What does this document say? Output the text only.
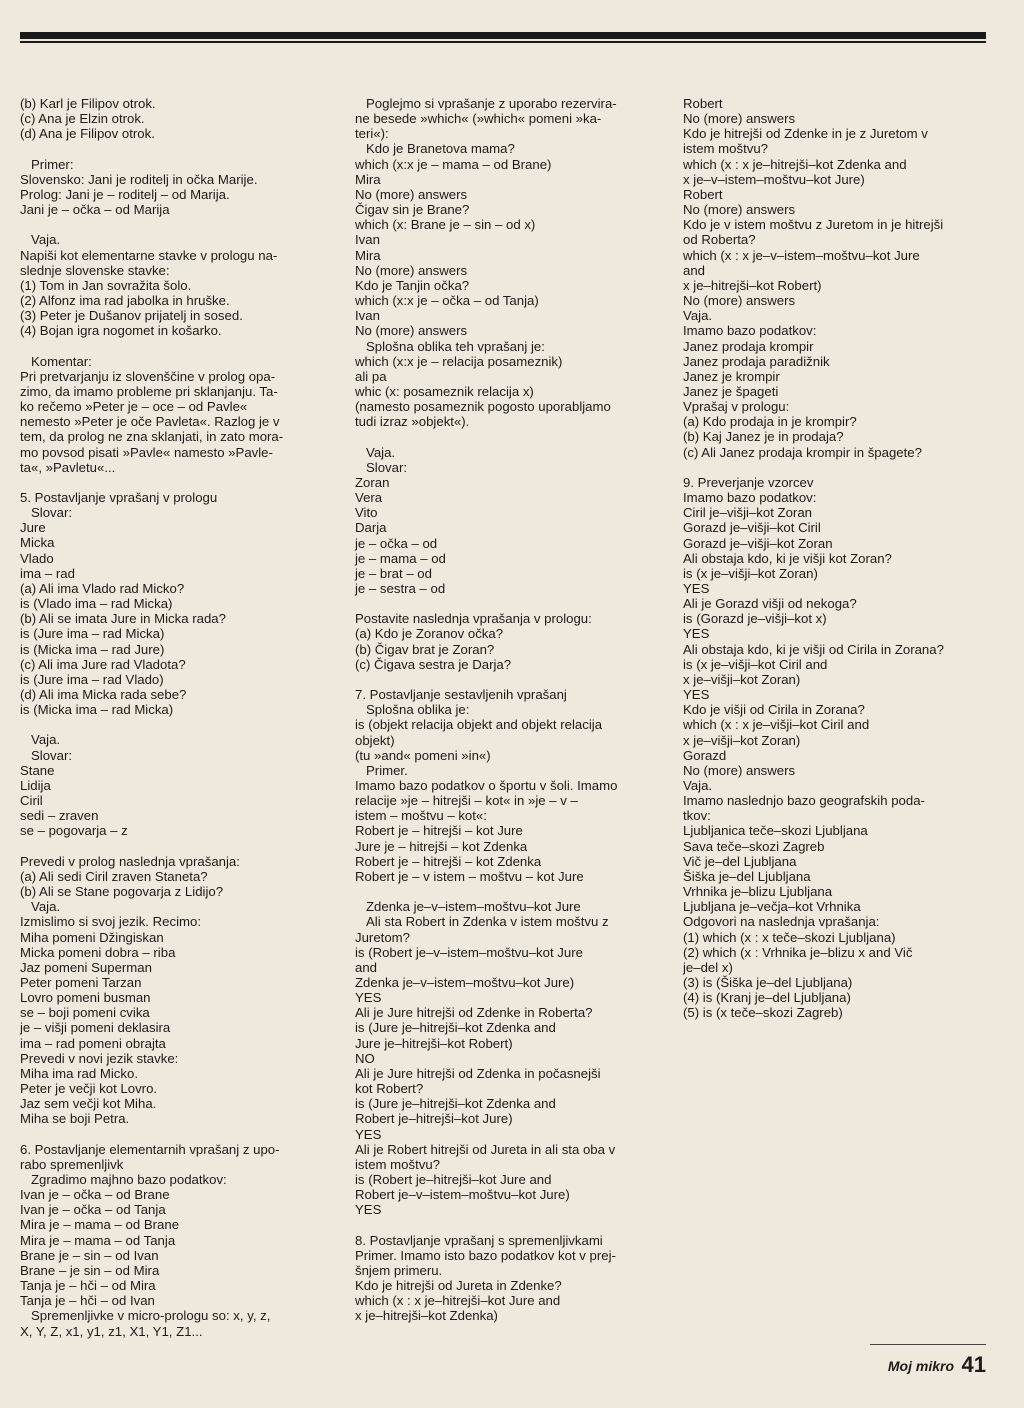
(b) Karl je Filipov otrok.
(c) Ana je Elzin otrok.
(d) Ana je Filipov otrok.
Primer:
Slovensko: Jani je roditelj in očka Marije.
Prolog: Jani je – roditelj – od Marija.
Jani je – očka – od Marija
Vaja.
Napiši kot elementarne stavke v prologu na-
slednje slovenske stavke:
(1) Tom in Jan sovražita šolo.
(2) Alfonz ima rad jabolka in hruške.
(3) Peter je Dušanov prijatelj in sosed.
(4) Bojan igra nogomet in košarko.
Komentar:
Pri pretvarjanju iz slovenščine v prolog opa-
zimo, da imamo probleme pri sklanjanju. Ta-
ko rečemo »Peter je – oce – od Pavle«
nemesto »Peter je oče Pavleta«. Razlog je v
tem, da prolog ne zna sklanjati, in zato mora-
mo povsod pisati »Pavle« namesto »Pavle-
ta«, »Pavletu«...
5. Postavljanje vprašanj v prologu
Slovar:
Jure
Micka
Vlado
ima – rad
(a) Ali ima Vlado rad Micko?
is (Vlado ima – rad Micka)
(b) Ali se imata Jure in Micka rada?
is (Jure ima – rad Micka)
is (Micka ima – rad Jure)
(c) Ali ima Jure rad Vladota?
is (Jure ima – rad Vlado)
(d) Ali ima Micka rada sebe?
is (Micka ima – rad Micka)
Vaja.
Slovar:
Stane
Lidija
Ciril
sedi – zraven
se – pogovarja – z
Prevedi v prolog naslednja vprašanja:
(a) Ali sedi Ciril zraven Staneta?
(b) Ali se Stane pogovarja z Lidijo?
Vaja.
Izmislimo si svoj jezik. Recimo:
Miha pomeni Džingiskan
Micka pomeni dobra – riba
Jaz pomeni Superman
Peter pomeni Tarzan
Lovro pomeni busman
se – boji pomeni cvika
je – višji pomeni deklasira
ima – rad pomeni obrajta
Prevedi v novi jezik stavke:
Miha ima rad Micko.
Peter je večji kot Lovro.
Jaz sem večji kot Miha.
Miha se boji Petra.
6. Postavljanje elementarnih vprašanj z upo-
rabo spremenljivk
Zgradimo majhno bazo podatkov:
Ivan je – očka – od Brane
Ivan je – očka – od Tanja
Mira je – mama – od Brane
Mira je – mama – od Tanja
Brane je – sin – od Ivan
Brane – je sin – od Mira
Tanja je – hči – od Mira
Tanja je – hči – od Ivan
Spremenljivke v micro-prologu so: x, y, z,
X, Y, Z, x1, y1, z1, X1, Y1, Z1...
Poglejmo si vprašanje z uporabo rezervira-
ne besede »which« (»which« pomeni »ka-
teri«):
Kdo je Branetova mama?
which (x:x je – mama – od Brane)
Mira
No (more) answers
Čigav sin je Brane?
which (x: Brane je – sin – od x)
Ivan
Mira
No (more) answers
Kdo je Tanjin očka?
which (x:x je – očka – od Tanja)
Ivan
No (more) answers
Splošna oblika teh vprašanj je:
which (x:x je – relacija posameznik)
ali pa
whic (x: posameznik relacija x)
(namesto posameznik pogosto uporabljamo
tudi izraz »objekt«).
Vaja.
Slovar:
Zoran
Vera
Vito
Darja
je – očka – od
je – mama – od
je – brat – od
je – sestra – od
Postavite naslednja vprašanja v prologu:
(a) Kdo je Zoranov očka?
(b) Čigav brat je Zoran?
(c) Čigava sestra je Darja?
7. Postavljanje sestavljenih vprašanj
Splošna oblika je:
is (objekt relacija objekt and objekt relacija
objekt)
(tu »and« pomeni »in«)
Primer.
Imamo bazo podatkov o športu v šoli. Imamo
relacije »je – hitrejši – kot« in »je – v –
istem – moštvu – kot«:
Robert je – hitrejši – kot Jure
Jure je – hitrejši – kot Zdenka
Robert je – hitrejši – kot Zdenka
Robert je – v istem – moštvu – kot Jure
Zdenka je–v–istem–moštvu–kot Jure
Ali sta Robert in Zdenka v istem moštvu z
Juretom?
is (Robert je–v–istem–moštvu–kot Jure
and
Zdenka je–v–istem–moštvu–kot Jure)
YES
Ali je Jure hitrejši od Zdenke in Roberta?
is (Jure je–hitrejši–kot Zdenka and
Jure je–hitrejši–kot Robert)
NO
Ali je Jure hitrejši od Zdenka in počasnejši
kot Robert?
is (Jure je–hitrejši–kot Zdenka and
Robert je–hitrejši–kot Jure)
YES
Ali je Robert hitrejši od Jureta in ali sta oba v
istem moštvu?
is (Robert je–hitrejši–kot Jure and
Robert je–v–istem–moštvu–kot Jure)
YES
8. Postavljanje vprašanj s spremenljivkami
Primer. Imamo isto bazo podatkov kot v prej-
šnjem primeru.
Kdo je hitrejši od Jureta in Zdenke?
which (x : x je–hitrejši–kot Jure and
x je–hitrejši–kot Zdenka)
Robert
No (more) answers
Kdo je hitrejši od Zdenke in je z Juretom v
istem moštvu?
which (x : x je–hitrejši–kot Zdenka and
x je–v–istem–moštvu–kot Jure)
Robert
No (more) answers
Kdo je v istem moštvu z Juretom in je hitrejši
od Roberta?
which (x : x je–v–istem–moštvu–kot Jure
and
x je–hitrejši–kot Robert)
No (more) answers
Vaja.
Imamo bazo podatkov:
Janez prodaja krompir
Janez prodaja paradižnik
Janez je krompir
Janez je špageti
Vprašaj v prologu:
(a) Kdo prodaja in je krompir?
(b) Kaj Janez je in prodaja?
(c) Ali Janez prodaja krompir in špagete?
9. Preverjanje vzorcev
Imamo bazo podatkov:
Ciril je–višji–kot Zoran
Gorazd je–višji–kot Ciril
Gorazd je–višji–kot Zoran
Ali obstaja kdo, ki je višji kot Zoran?
is (x je–višji–kot Zoran)
YES
Ali je Gorazd višji od nekoga?
is (Gorazd je–višji–kot x)
YES
Ali obstaja kdo, ki je višji od Cirila in Zorana?
is (x je–višji–kot Ciril and
x je–višji–kot Zoran)
YES
Kdo je višji od Cirila in Zorana?
which (x : x je–višji–kot Ciril and
x je–višji–kot Zoran)
Gorazd
No (more) answers
Vaja.
Imamo naslednjo bazo geografskih poda-
tkov:
Ljubljanica teče–skozi Ljubljana
Sava teče–skozi Zagreb
Vič je–del Ljubljana
Šiška je–del Ljubljana
Vrhnika je–blizu Ljubljana
Ljubljana je–večja–kot Vrhnika
Odgovori na naslednja vprašanja:
(1) which (x : x teče–skozi Ljubljana)
(2) which (x : Vrhnika je–blizu x and Vič
je–del x)
(3) is (Šiška je–del Ljubljana)
(4) is (Kranj je–del Ljubljana)
(5) is (x teče–skozi Zagreb)
Moj mikro 41
